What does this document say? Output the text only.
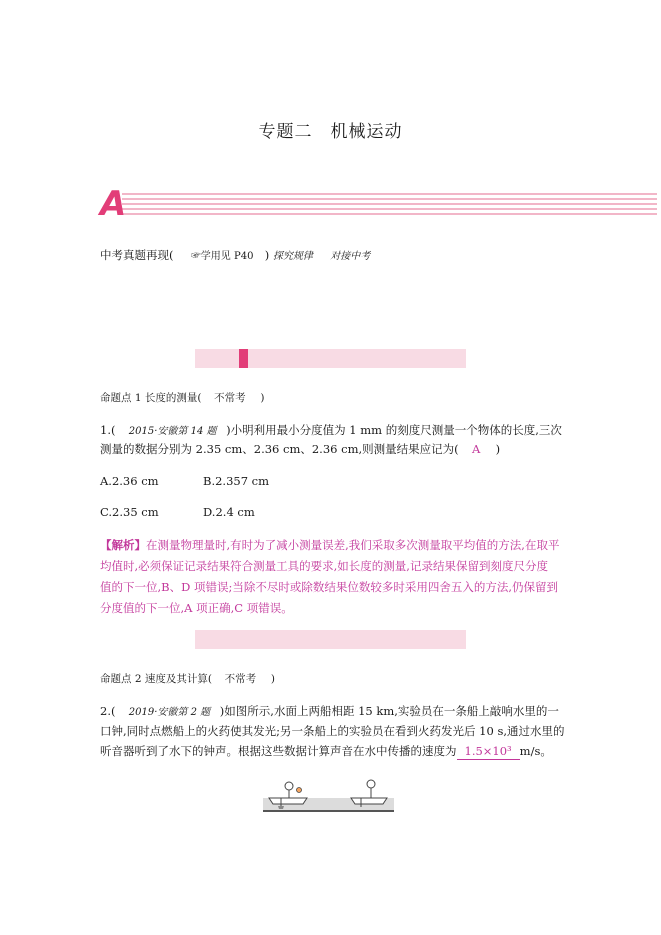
专题二 机械运动
A
中考真题再现( ☞学用见 P40 ) 探究规律 对接中考
命题点 1 长度的测量( 不常考 )
1.( 2015·安徽第 14 题 )小明利用最小分度值为 1 mm 的刻度尺测量一个物体的长度,三次
测量的数据分别为 2.35 cm、2.36 cm、2.36 cm,则测量结果应记为( A )
A.2.36 cm	B.2.357 cm
C.2.35 cm	D.2.4 cm
【解析】在测量物理量时,有时为了减小测量误差,我们采取多次测量取平均值的方法,在取平
均值时,必须保证记录结果符合测量工具的要求,如长度的测量,记录结果保留到刻度尺分度
值的下一位,B、D 项错误;当除不尽时或除数结果位数较多时采用四舍五入的方法,仍保留到
分度值的下一位,A 项正确,C 项错误。
命题点 2 速度及其计算( 不常考 )
2.( 2019·安徽第 2 题 )如图所示,水面上两船相距 15 km,实验员在一条船上敲响水里的一
口钟,同时点燃船上的火药使其发光;另一条船上的实验员在看到火药发光后 10 s,通过水里的
听音器听到了水下的钟声。根据这些数据计算声音在水中传播的速度为 1.5×10³ m/s。
